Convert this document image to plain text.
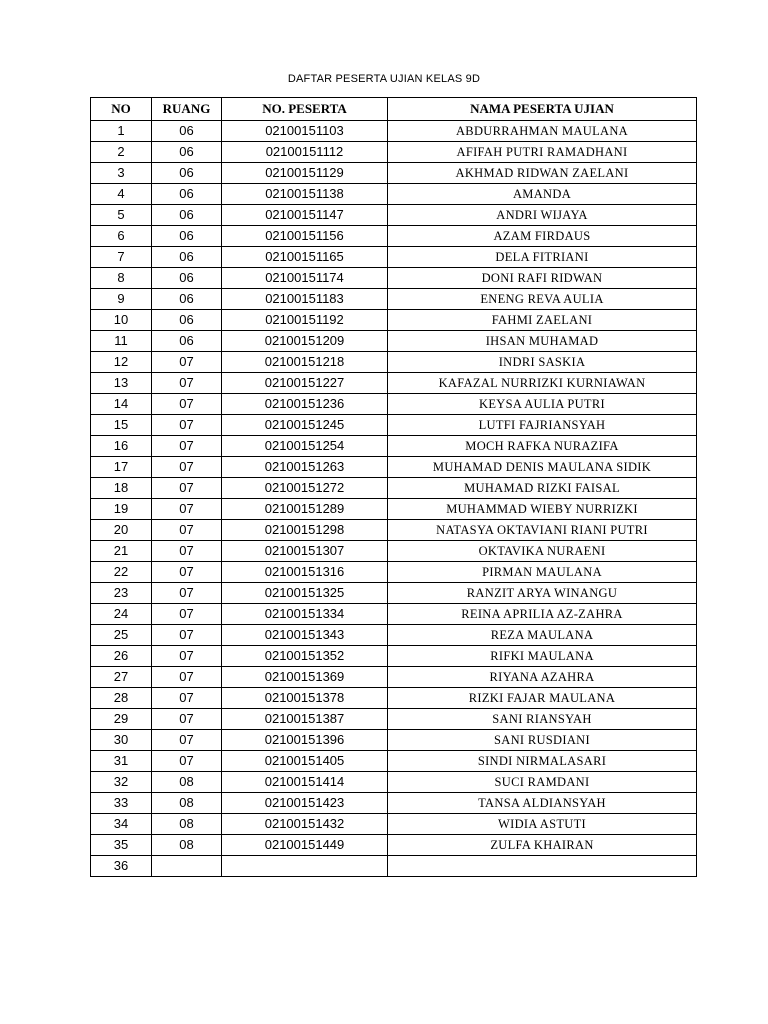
DAFTAR PESERTA UJIAN KELAS 9D
NO	RUANG	NO. PESERTA	NAMA PESERTA UJIAN
1	06	02100151103	ABDURRAHMAN MAULANA
2	06	02100151112	AFIFAH PUTRI RAMADHANI
3	06	02100151129	AKHMAD RIDWAN ZAELANI
4	06	02100151138	AMANDA
5	06	02100151147	ANDRI WIJAYA
6	06	02100151156	AZAM FIRDAUS
7	06	02100151165	DELA FITRIANI
8	06	02100151174	DONI RAFI RIDWAN
9	06	02100151183	ENENG REVA AULIA
10	06	02100151192	FAHMI ZAELANI
11	06	02100151209	IHSAN MUHAMAD
12	07	02100151218	INDRI SASKIA
13	07	02100151227	KAFAZAL NURRIZKI KURNIAWAN
14	07	02100151236	KEYSA AULIA PUTRI
15	07	02100151245	LUTFI FAJRIANSYAH
16	07	02100151254	MOCH RAFKA NURAZIFA
17	07	02100151263	MUHAMAD DENIS MAULANA SIDIK
18	07	02100151272	MUHAMAD RIZKI FAISAL
19	07	02100151289	MUHAMMAD WIEBY NURRIZKI
20	07	02100151298	NATASYA OKTAVIANI RIANI PUTRI
21	07	02100151307	OKTAVIKA NURAENI
22	07	02100151316	PIRMAN MAULANA
23	07	02100151325	RANZIT ARYA WINANGU
24	07	02100151334	REINA APRILIA AZ-ZAHRA
25	07	02100151343	REZA MAULANA
26	07	02100151352	RIFKI MAULANA
27	07	02100151369	RIYANA AZAHRA
28	07	02100151378	RIZKI FAJAR MAULANA
29	07	02100151387	SANI RIANSYAH
30	07	02100151396	SANI RUSDIANI
31	07	02100151405	SINDI NIRMALASARI
32	08	02100151414	SUCI RAMDANI
33	08	02100151423	TANSA ALDIANSYAH
34	08	02100151432	WIDIA ASTUTI
35	08	02100151449	ZULFA KHAIRAN
36			
